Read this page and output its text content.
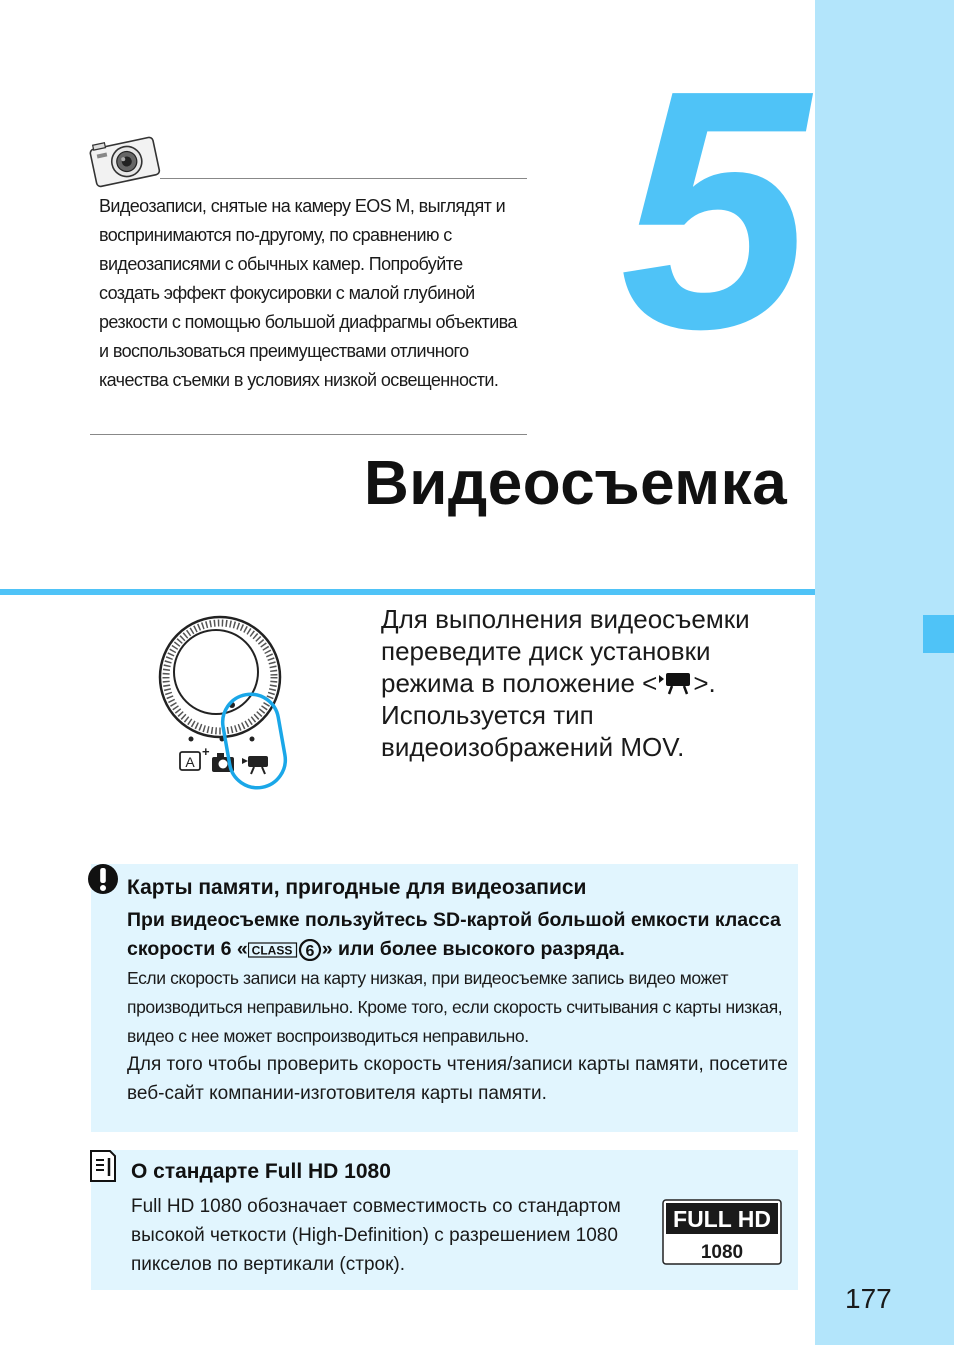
177
5
Видеозаписи, снятые на камеру EOS M, выглядят и воспринимаются по-другому, по сравнению с видеозаписями с обычных камер. Попробуйте создать эффект фокусировки с малой глубиной резкости с помощью большой диафрагмы объектива и воспользоваться преимуществами отличного качества съемки в условиях низкой освещенности.
Видеосъемка
A
+
Для выполнения видеосъемки переведите диск установки режима в положение < >. Используется тип видеоизображений MOV.
Карты памяти, пригодные для видеозаписи
При видеосъемке пользуйтесь SD-картой большой емкости класса скорости 6 « CLASS 6 » или более высокого разряда.
Если скорость записи на карту низкая, при видеосъемке запись видео может производиться неправильно. Кроме того, если скорость считывания с карты низкая, видео с нее может воспроизводиться неправильно.
Для того чтобы проверить скорость чтения/записи карты памяти, посетите веб-сайт компании-изготовителя карты памяти.
О стандарте Full HD 1080
Full HD 1080 обозначает совместимость со стандартом высокой четкости (High-Definition) с разрешением 1080 пикселов по вертикали (строк).
FULL HD
1080
